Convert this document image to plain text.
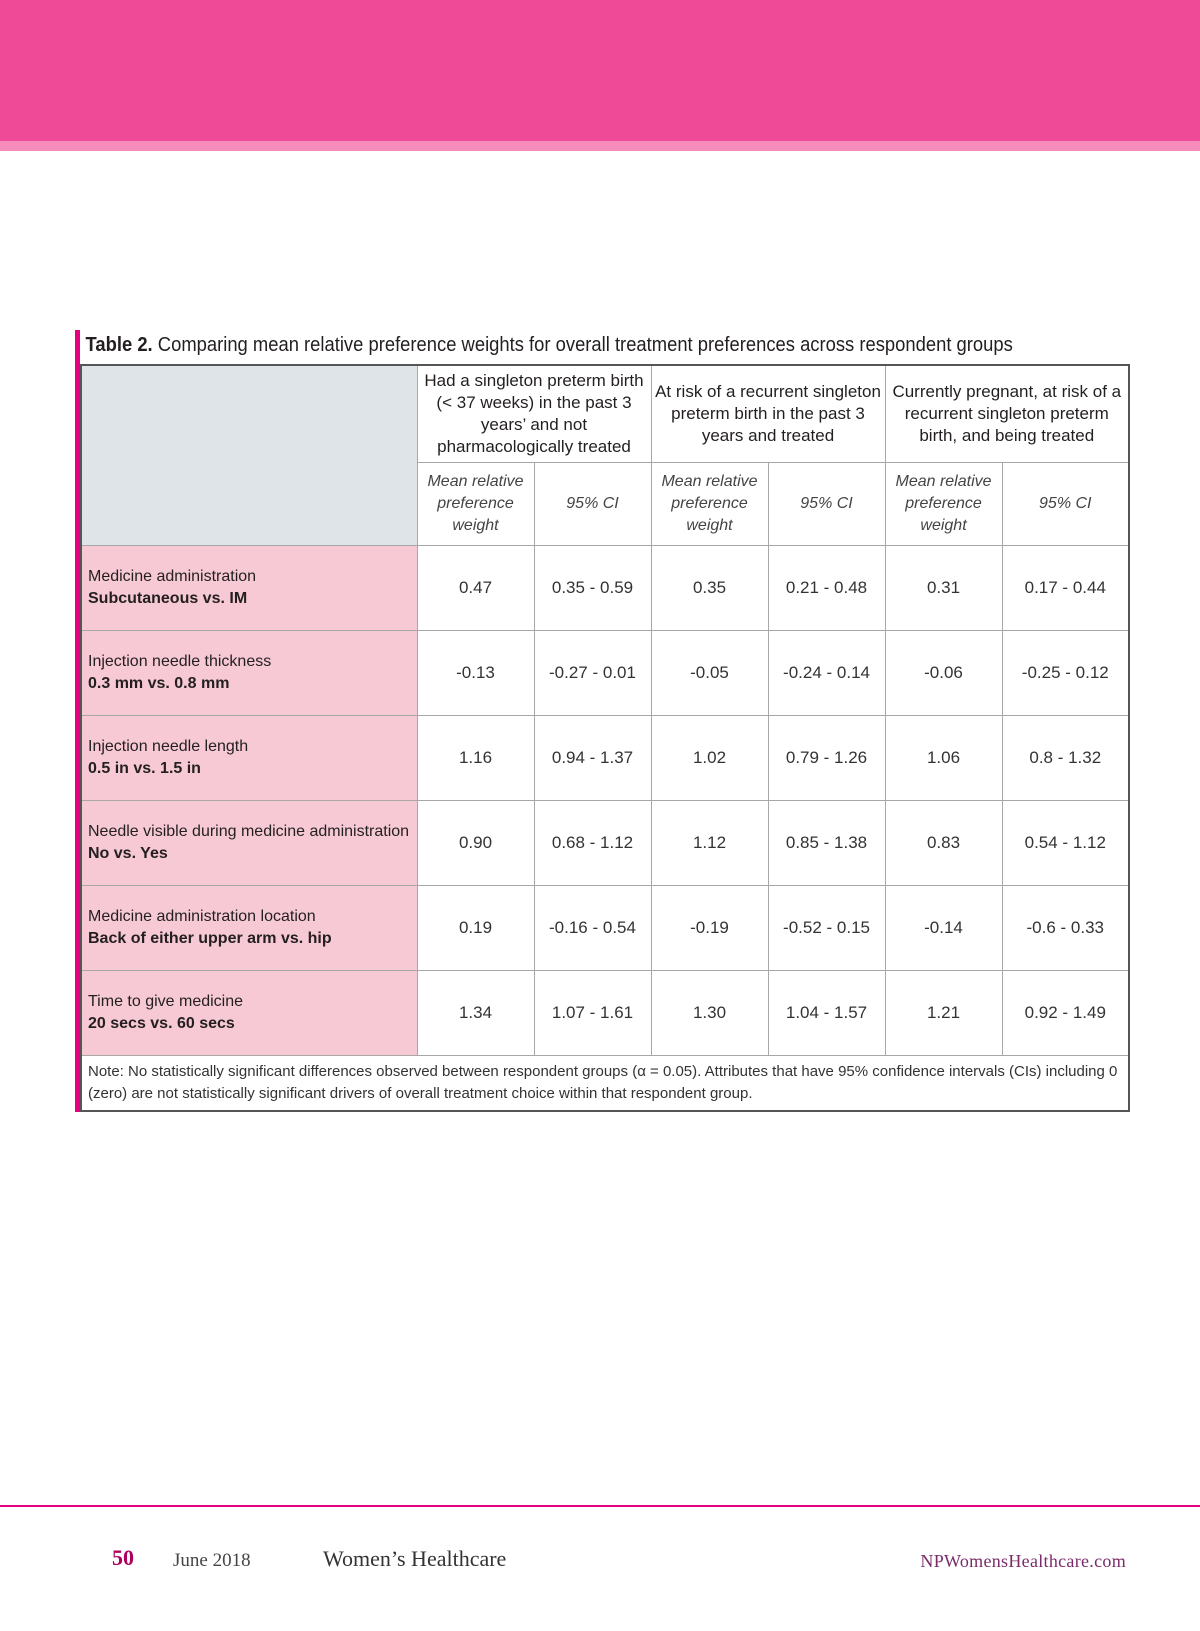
Table 2. Comparing mean relative preference weights for overall treatment preferences across respondent groups
	Had a singleton preterm birth (< 37 weeks) in the past 3 years’ and not pharmacologically treated		At risk of a recurrent singleton preterm birth in the past 3 years and treated		Currently pregnant, at risk of a recurrent singleton preterm birth, and being treated	
	Mean relative preference weight	95% CI	Mean relative preference weight	95% CI	Mean relative preference weight	95% CI

Medicine administration
Subcutaneous vs. IM	0.47	0.35 - 0.59	0.35	0.21 - 0.48	0.31	0.17 - 0.44

Injection needle thickness
0.3 mm vs. 0.8 mm	-0.13	-0.27 - 0.01	-0.05	-0.24 - 0.14	-0.06	-0.25 - 0.12

Injection needle length
0.5 in vs. 1.5 in	1.16	0.94 - 1.37	1.02	0.79 - 1.26	1.06	0.8 - 1.32

Needle visible during medicine administration
No vs. Yes	0.90	0.68 - 1.12	1.12	0.85 - 1.38	0.83	0.54 - 1.12

Medicine administration location
Back of either upper arm vs. hip	0.19	-0.16 - 0.54	-0.19	-0.52 - 0.15	-0.14	-0.6 - 0.33

Time to give medicine
20 secs vs. 60 secs	1.34	1.07 - 1.61	1.30	1.04 - 1.57	1.21	0.92 - 1.49
Note: No statistically significant differences observed between respondent groups (α = 0.05). Attributes that have 95% confidence intervals (CIs) including 0 (zero) are not statistically significant drivers of overall treatment choice within that respondent group.						
50 June 2018	Women’s Healthcare	NPWomensHealthcare.com
